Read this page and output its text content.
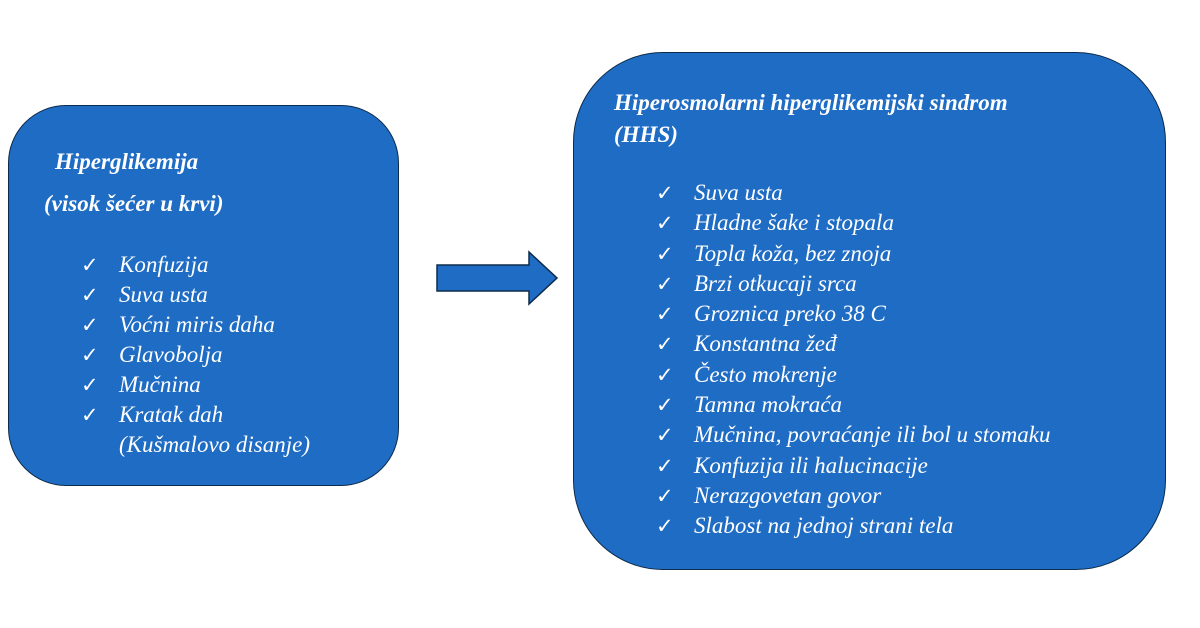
Hiperglikemija

(visok šećer u krvi)

✓ Konfuzija
✓ Suva usta
✓ Voćni miris daha
✓ Glavobolja
✓ Mučnina
✓ Kratak dah
(Kušmalovo disanje)

Hiperosmolarni hiperglikemijski sindrom

(HHS)

✓ Suva usta
✓ Hladne šake i stopala
✓ Topla koža, bez znoja
✓ Brzi otkucaji srca
✓ Groznica preko 38 C
✓ Konstantna žeđ
✓ Često mokrenje
✓ Tamna mokraća
✓ Mučnina, povraćanje ili bol u stomaku
✓ Konfuzija ili halucinacije
✓ Nerazgovetan govor
✓ Slabost na jednoj strani tela
